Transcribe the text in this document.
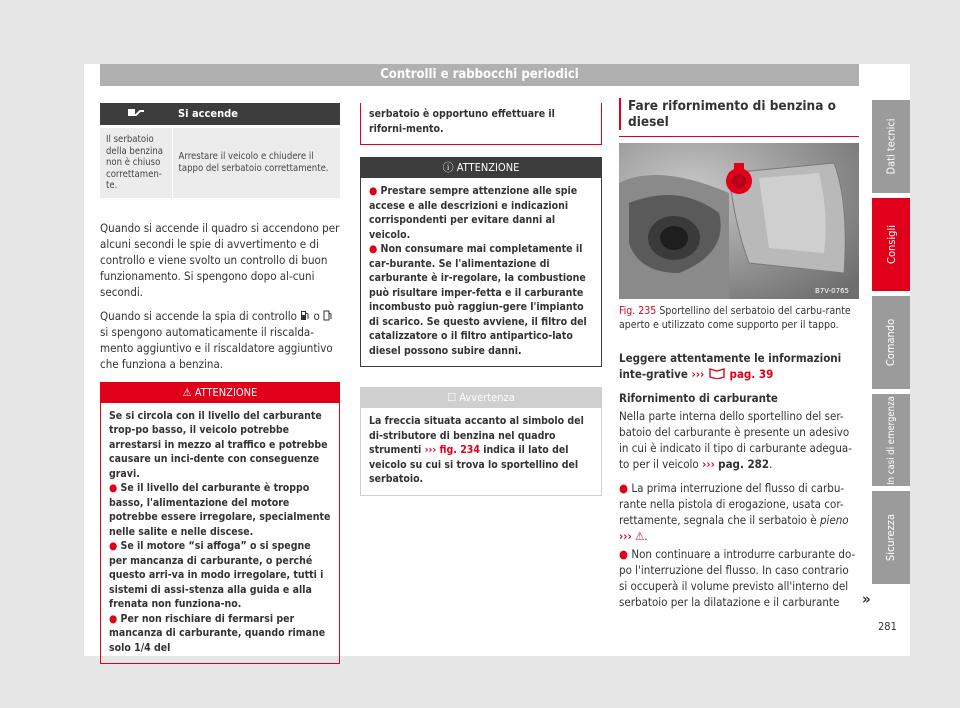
Controlli e rabbocchi periodici
	Si accende

Il serbatoio della benzina non è chiuso correttamen-te.	Arrestare il veicolo e chiudere il tappo del serbatoio correttamente.

Quando si accende il quadro si accendono per alcuni secondi le spie di avvertimento e di controllo e viene svolto un controllo di buon funzionamento. Si spengono dopo al-cuni secondi.

Quando si accende la spia di controllo o  si spengono automaticamente il riscalda-mento aggiuntivo e il riscaldatore aggiuntivo che funziona a benzina.

⚠ ATTENZIONE
Se si circola con il livello del carburante trop-po basso, il veicolo potrebbe arrestarsi in mezzo al traffico e potrebbe causare un inci-dente con conseguenze gravi.
● Se il livello del carburante è troppo basso, l'alimentazione del motore potrebbe essere irregolare, specialmente nelle salite e nelle discese.
● Se il motore “si affoga” o si spegne per mancanza di carburante, o perché questo arri-va in modo irregolare, tutti i sistemi di assi-stenza alla guida e alla frenata non funziona-no.
● Per non rischiare di fermarsi per mancanza di carburante, quando rimane solo 1/4 del
serbatoio è opportuno effettuare il riforni-mento.
ⓘ ATTENZIONE
● Prestare sempre attenzione alle spie accese e alle descrizioni e indicazioni corrispondenti per evitare danni al veicolo.
● Non consumare mai completamente il car-burante. Se l'alimentazione di carburante è ir-regolare, la combustione può risultare imper-fetta e il carburante incombusto può raggiun-gere l'impianto di scarico. Se questo avviene, il filtro del catalizzatore o il filtro antipartico-lato diesel possono subire danni.
☐ Avvertenza
La freccia situata accanto al simbolo del di-stributore di benzina nel quadro strumenti ››› fig. 234 indica il lato del veicolo su cui si trova lo sportellino del serbatoio.
Fare rifornimento di benzina o diesel
B7V-0765
Fig. 235 Sportellino del serbatoio del carbu-rante aperto e utilizzato come supporto per il tappo.

Leggere attentamente le informazioni inte-grative ››› pag. 39

Rifornimento di carburante

Nella parte interna dello sportellino del ser-batoio del carburante è presente un adesivo in cui è indicato il tipo di carburante adegua-to per il veicolo ››› pag. 282.

● La prima interruzione del flusso di carbu-rante nella pistola di erogazione, usata cor-rettamente, segnala che il serbatoio è pieno ››› ⚠.

● Non continuare a introdurre carburante do-po l'interruzione del flusso. In caso contrario si occuperà il volume previsto all'interno del serbatoio per la dilatazione e il carburante

Dati tecnici
Consigli
Comando
In casi di emergenza
Sicurezza
»
281
